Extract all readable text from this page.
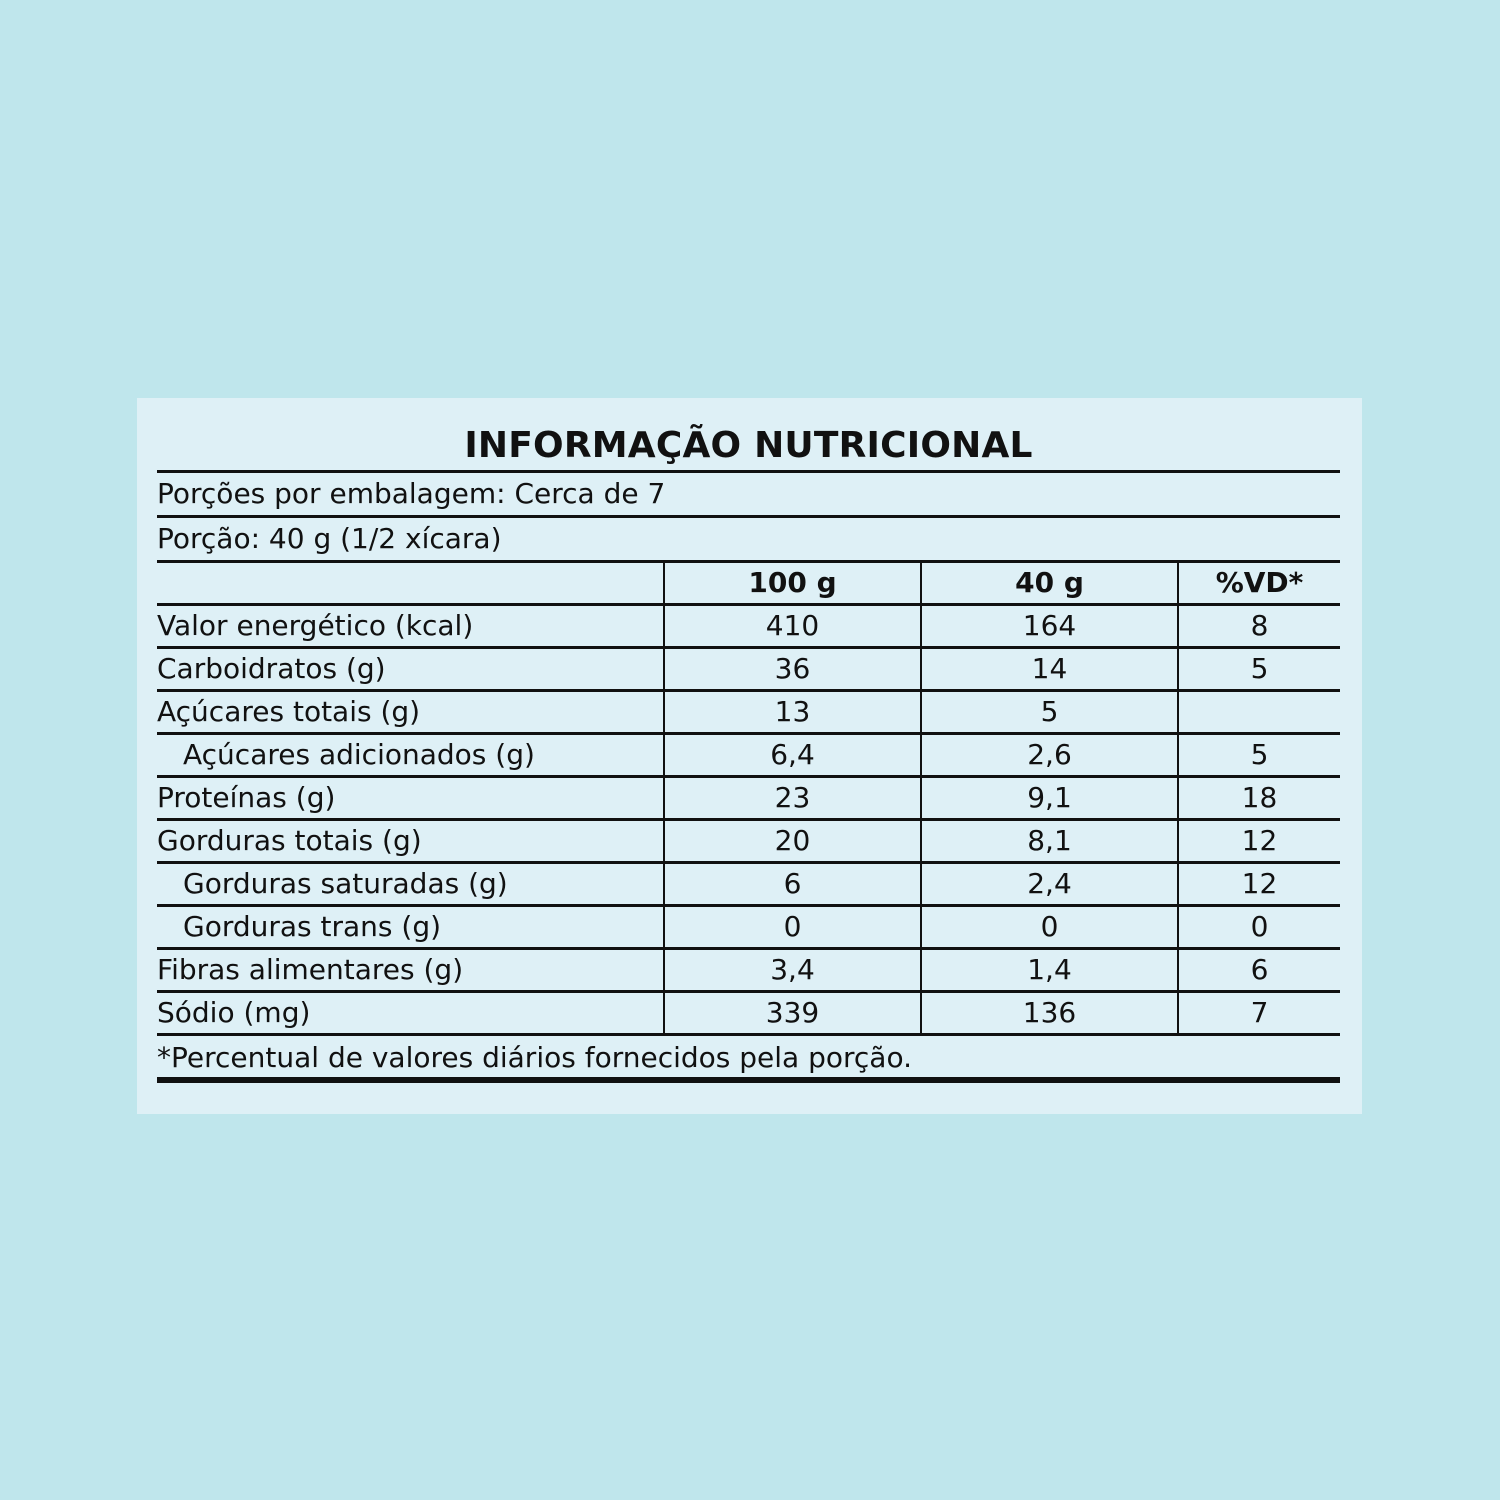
INFORMAÇÃO NUTRICIONAL
Porções por embalagem: Cerca de 7
Porção: 40 g (1/2 xícara)
	100 g	40 g	%VD*
Valor energético (kcal)	410	164	8
Carboidratos (g)	36	14	5
Açúcares totais (g)	13	5	
Açúcares adicionados (g)	6,4	2,6	5
Proteínas (g)	23	9,1	18
Gorduras totais (g)	20	8,1	12
Gorduras saturadas (g)	6	2,4	12
Gorduras trans (g)	0	0	0
Fibras alimentares (g)	3,4	1,4	6
Sódio (mg)	339	136	7
*Percentual de valores diários fornecidos pela porção.
